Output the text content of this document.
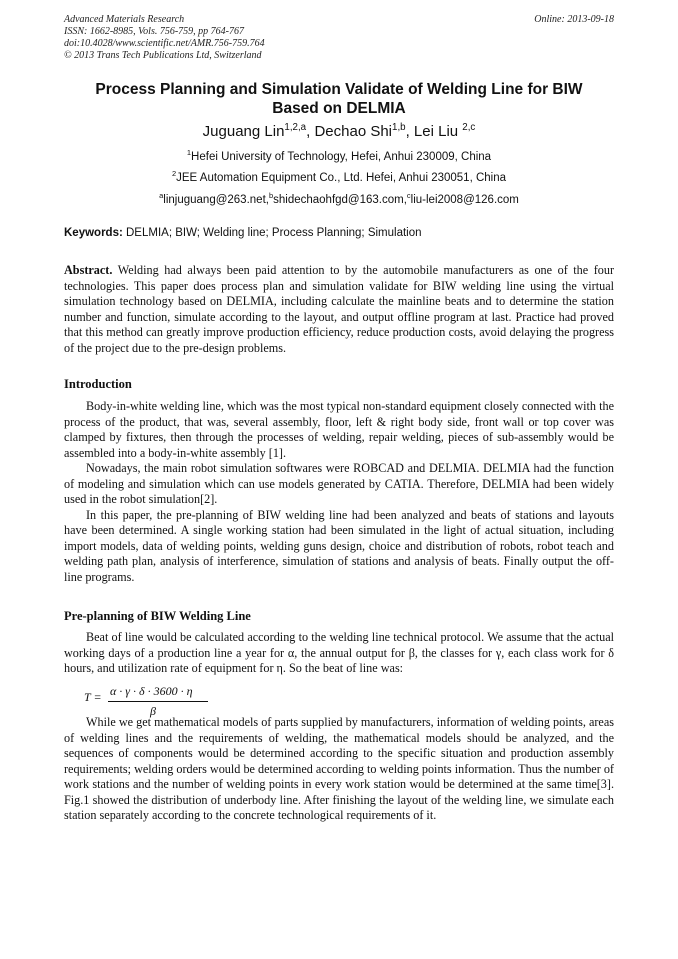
Advanced Materials Research
ISSN: 1662-8985, Vols. 756-759, pp 764-767
doi:10.4028/www.scientific.net/AMR.756-759.764
© 2013 Trans Tech Publications Ltd, Switzerland
Online: 2013-09-18
Process Planning and Simulation Validate of Welding Line for BIW
Based on DELMIA
Juguang Lin$^{1,2,a}$, Dechao Shi$^{1,b}$, Lei Liu $^{2,c}$
$^1$Hefei University of Technology, Hefei, Anhui 230009, China
$^2$JEE Automation Equipment Co., Ltd. Hefei, Anhui 230051, China
$^a$linjuguang@263.net,$^b$shidechaohfgd@163.com,$^c$liu-lei2008@126.com
Keywords: DELMIA; BIW; Welding line; Process Planning; Simulation

Abstract. Welding had always been paid attention to by the automobile manufacturers as one of the four technologies. This paper does process plan and simulation validate for BIW welding line using the virtual simulation technology based on DELMIA, including calculate the mainline beats and to determine the station number and function, simulate according to the layout, and output offline program at last. Practice had proved that this method can greatly improve production efficiency, reduce production costs, avoid delaying the progress of the project due to the pre-design problems.

Introduction

Body-in-white welding line, which was the most typical non-standard equipment closely connected with the process of the product, that was, several assembly, floor, left & right body side, front wall or top cover was clamped by fixtures, then through the processes of welding, repair welding, pieces of sub-assembly would be assembled into a body-in-white assembly [1].

Nowadays, the main robot simulation softwares were ROBCAD and DELMIA. DELMIA had the function of modeling and simulation which can use models generated by CATIA. Therefore, DELMIA had been widely used in the robot simulation[2].

In this paper, the pre-planning of BIW welding line had been analyzed and beats of stations and layouts have been determined. A single working station had been simulated in the light of actual situation, including import models, data of welding points, welding guns design, choice and distribution of robots, robot teach and welding path plan, analysis of interference, simulation of stations and analysis of beats. Finally output the off-line programs.

Pre-planning of BIW Welding Line

Beat of line would be calculated according to the welding line technical protocol. We assume that the actual working days of a production line a year for α, the annual output for β, the classes for γ, each class work for δ hours, and utilization rate of equipment for η. So the beat of line was:

T = α · γ · δ · 3600 · η
β

While we get mathematical models of parts supplied by manufacturers, information of welding points, areas of welding lines and the requirements of welding, the mathematical models should be analyzed, and the sequences of components would be determined according to the specific situation and production assembly requirements; welding orders would be determined according to welding points information. Thus the number of work stations and the number of welding points in every work station would be determined at the same time[3]. Fig.1 showed the distribution of underbody line. After finishing the layout of the welding line, we simulate each station separately according to the concrete technological requirements of it.
